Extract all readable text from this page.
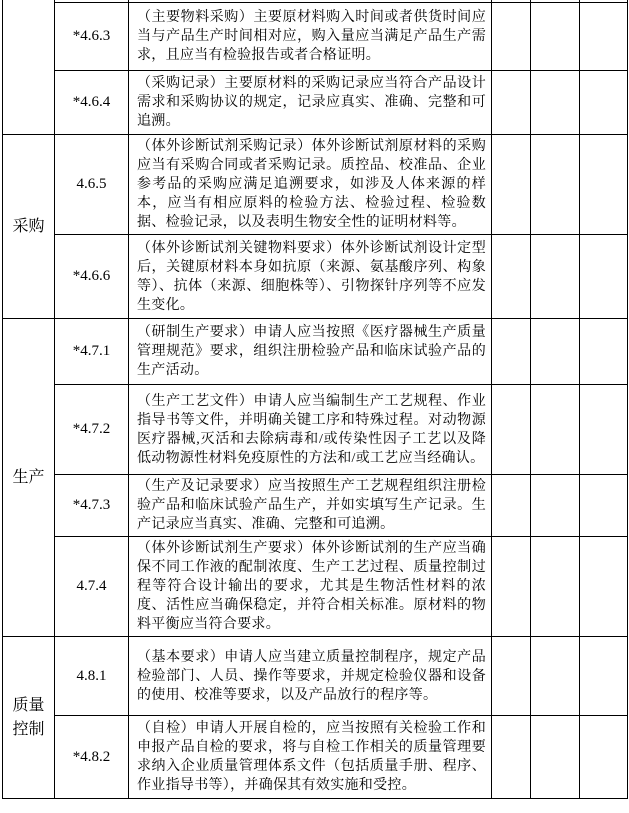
	*4.6.3	（主要物料采购）主要原材料购入时间或者供货时间应当与产品生产时间相对应，购入量应当满足产品生产需求，且应当有检验报告或者合格证明。			
	*4.6.4	（采购记录）主要原材料的采购记录应当符合产品设计需求和采购协议的规定，记录应真实、准确、完整和可追溯。			
采购	4.6.5	（体外诊断试剂采购记录）体外诊断试剂原材料的采购应当有采购合同或者采购记录。质控品、校准品、企业参考品的采购应满足追溯要求，如涉及人体来源的样本，应当有相应原料的检验方法、检验过程、检验数据、检验记录，以及表明生物安全性的证明材料等。			
	*4.6.6	（体外诊断试剂关键物料要求）体外诊断试剂设计定型后，关键原材料本身如抗原（来源、氨基酸序列、构象等）、抗体（来源、细胞株等）、引物探针序列等不应发生变化。			
生产	*4.7.1	（研制生产要求）申请人应当按照《医疗器械生产质量管理规范》要求，组织注册检验产品和临床试验产品的生产活动。			
	*4.7.2	（生产工艺文件）申请人应当编制生产工艺规程、作业指导书等文件，并明确关键工序和特殊过程。对动物源医疗器械,灭活和去除病毒和/或传染性因子工艺以及降低动物源性材料免疫原性的方法和/或工艺应当经确认。			
	*4.7.3	（生产及记录要求）应当按照生产工艺规程组织注册检验产品和临床试验产品生产，并如实填写生产记录。生产记录应当真实、准确、完整和可追溯。			
	4.7.4	（体外诊断试剂生产要求）体外诊断试剂的生产应当确保不同工作液的配制浓度、生产工艺过程、质量控制过程等符合设计输出的要求，尤其是生物活性材料的浓度、活性应当确保稳定，并符合相关标准。原材料的物料平衡应当符合要求。			
质量控制	4.8.1	（基本要求）申请人应当建立质量控制程序，规定产品检验部门、人员、操作等要求，并规定检验仪器和设备的使用、校准等要求，以及产品放行的程序等。			
	*4.8.2	（自检）申请人开展自检的，应当按照有关检验工作和申报产品自检的要求，将与自检工作相关的质量管理要求纳入企业质量管理体系文件（包括质量手册、程序、作业指导书等），并确保其有效实施和受控。			
